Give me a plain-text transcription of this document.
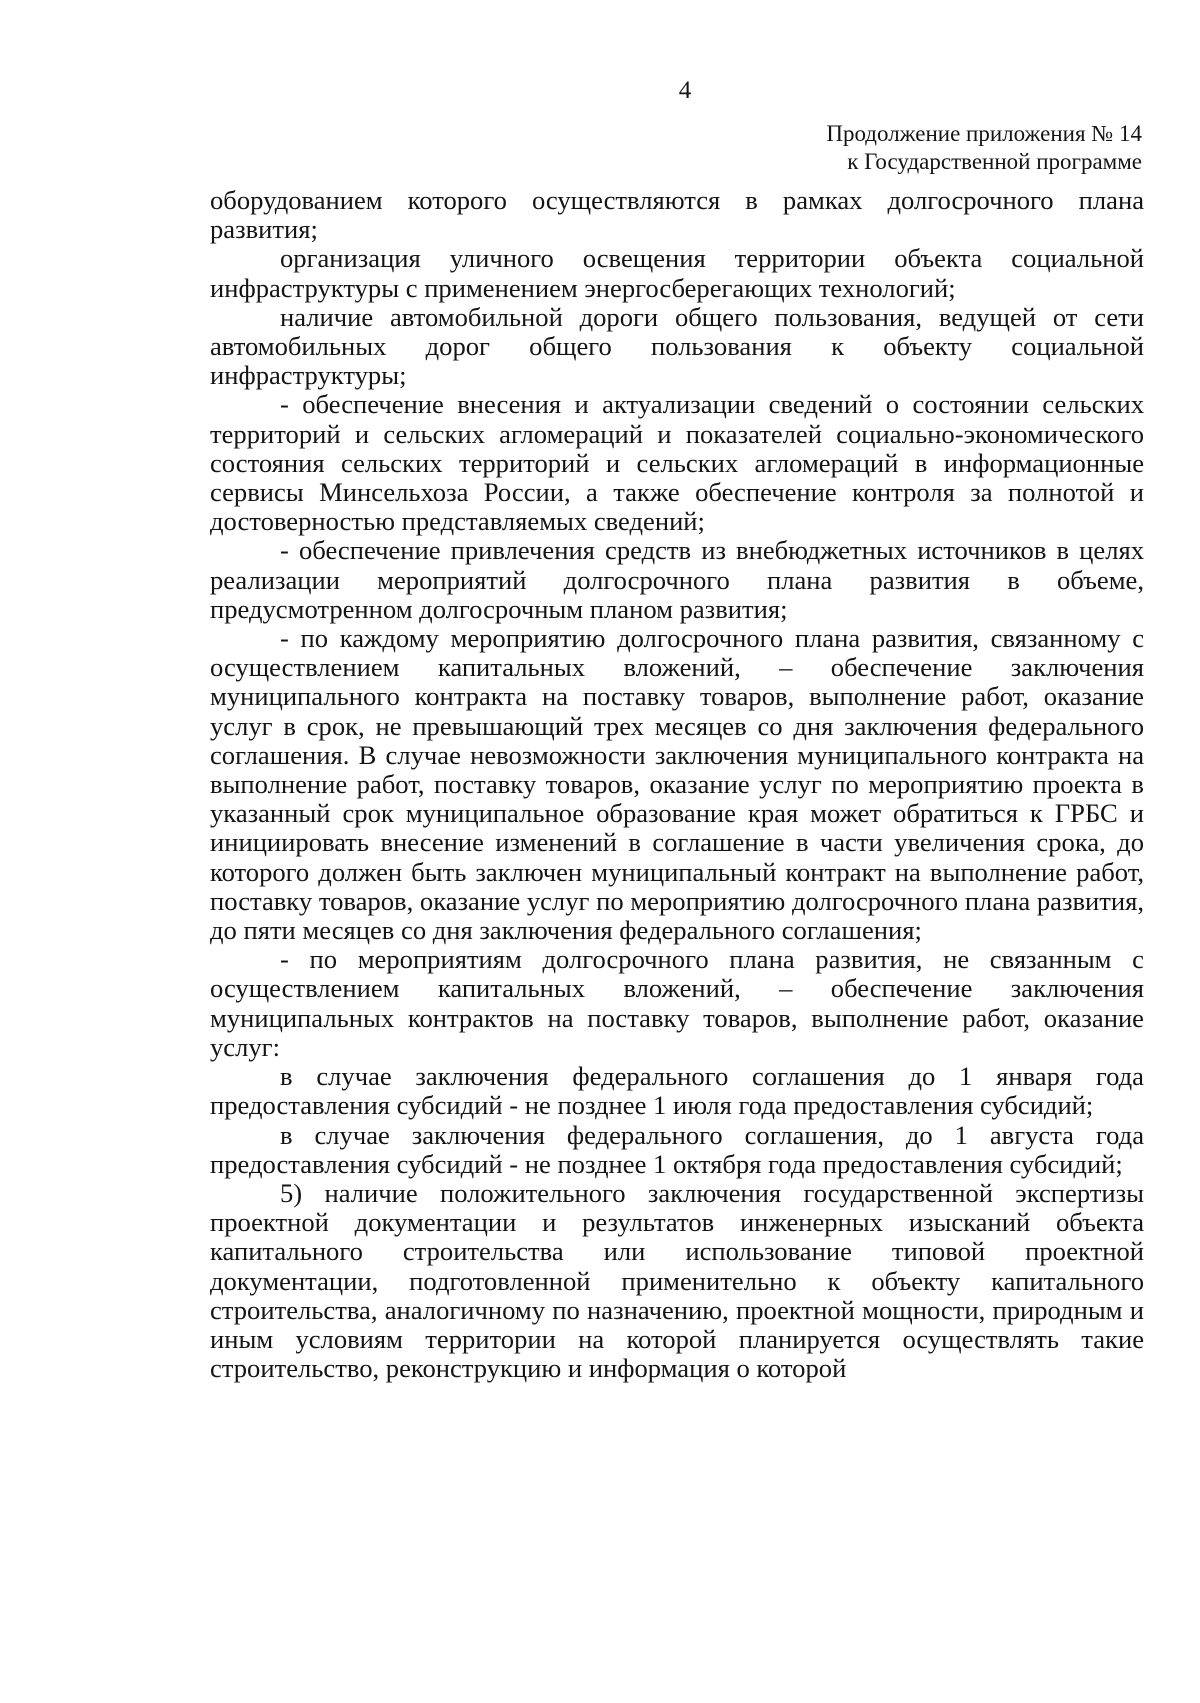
4
Продолжение приложения № 14
к Государственной программе

оборудованием которого осуществляются в рамках долгосрочного плана развития;

организация уличного освещения территории объекта социальной инфраструктуры с применением энергосберегающих технологий;

наличие автомобильной дороги общего пользования, ведущей от сети автомобильных дорог общего пользования к объекту социальной инфраструктуры;

- обеспечение внесения и актуализации сведений о состоянии сельских территорий и сельских агломераций и показателей социально-экономического состояния сельских территорий и сельских агломераций в информационные сервисы Минсельхоза России, а также обеспечение контроля за полнотой и достоверностью представляемых сведений;

- обеспечение привлечения средств из внебюджетных источников в целях реализации мероприятий долгосрочного плана развития в объеме, предусмотренном долгосрочным планом развития;

- по каждому мероприятию долгосрочного плана развития, связанному с осуществлением капитальных вложений, – обеспечение заключения муниципального контракта на поставку товаров, выполнение работ, оказание услуг в срок, не превышающий трех месяцев со дня заключения федерального соглашения. В случае невозможности заключения муниципального контракта на выполнение работ, поставку товаров, оказание услуг по мероприятию проекта в указанный срок муниципальное образование края может обратиться к ГРБС и инициировать внесение изменений в соглашение в части увеличения срока, до которого должен быть заключен муниципальный контракт на выполнение работ, поставку товаров, оказание услуг по мероприятию долгосрочного плана развития, до пяти месяцев со дня заключения федерального соглашения;

- по мероприятиям долгосрочного плана развития, не связанным с осуществлением капитальных вложений, – обеспечение заключения муниципальных контрактов на поставку товаров, выполнение работ, оказание услуг:

в случае заключения федерального соглашения до 1 января года предоставления субсидий - не позднее 1 июля года предоставления субсидий;

в случае заключения федерального соглашения, до 1 августа года предоставления субсидий - не позднее 1 октября года предоставления субсидий;

5) наличие положительного заключения государственной экспертизы проектной документации и результатов инженерных изысканий объекта капитального строительства или использование типовой проектной документации, подготовленной применительно к объекту капитального строительства, аналогичному по назначению, проектной мощности, природным и иным условиям территории на которой планируется осуществлять такие строительство, реконструкцию и информация о которой
